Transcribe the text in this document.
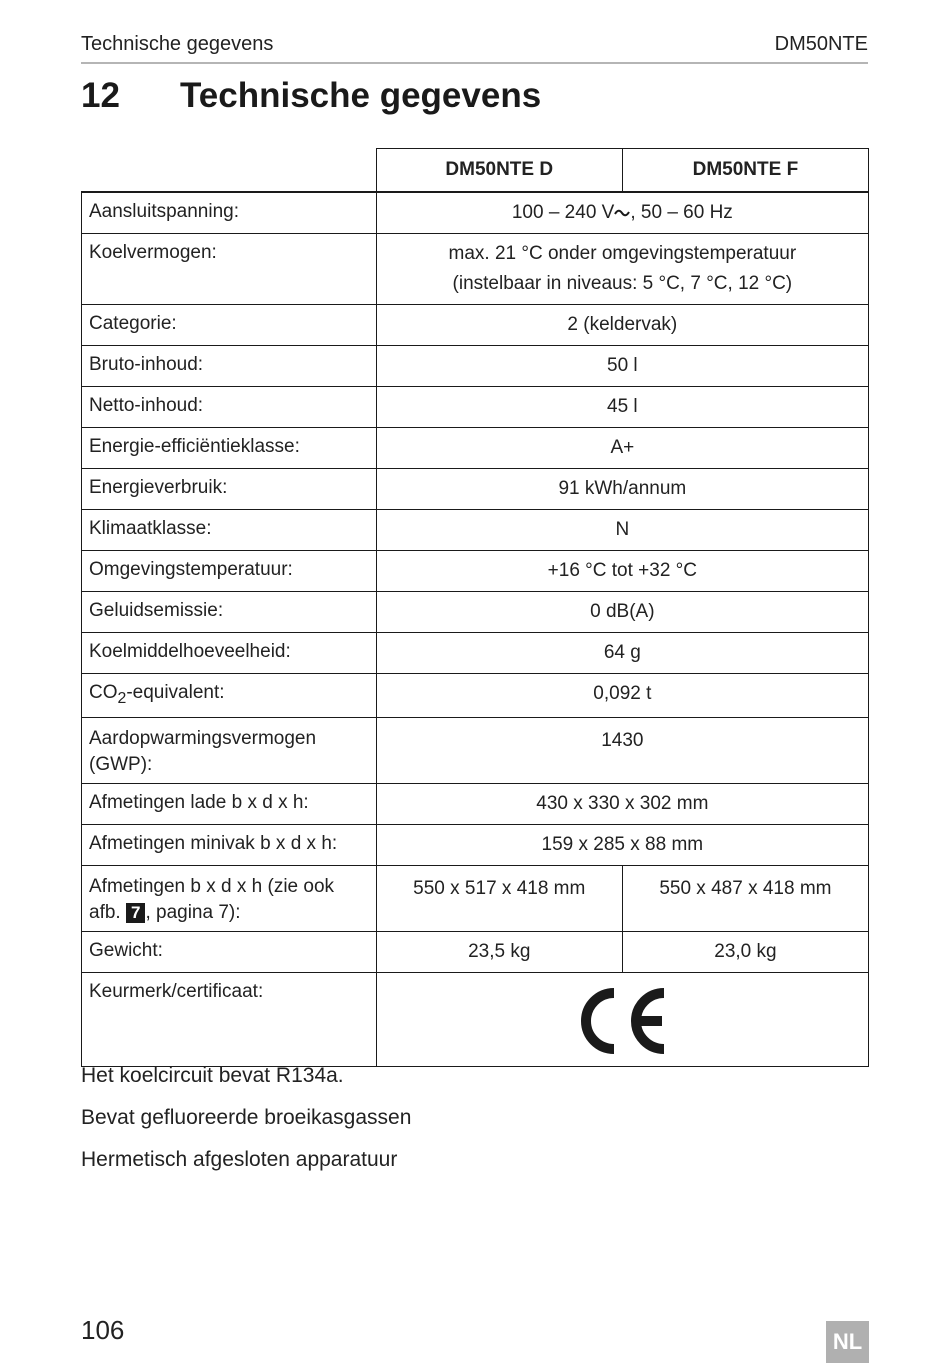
Technische gegevens	DM50NTE
12 Technische gegevens
	DM50NTE D	DM50NTE F
Aansluitspanning:	100 – 240 V , 50 – 60 Hz	
Koelvermogen:	max. 21 °C onder omgevingstemperatuur
(instelbaar in niveaus: 5 °C, 7 °C, 12 °C)	

Categorie:	2 (keldervak)	
Bruto-inhoud:	50 l	
Netto-inhoud:	45 l	
Energie-efficiëntieklasse:	A+	
Energieverbruik:	91 kWh/annum	
Klimaatklasse:	N	
Omgevingstemperatuur:	+16 °C tot +32 °C	
Geluidsemissie:	0 dB(A)	
Koelmiddelhoeveelheid:	64 g	
$CO_2$-equivalent:	0,092 t	
Aardopwarmingsvermogen (GWP):	1430	
Afmetingen lade b x d x h:	430 x 330 x 302 mm	
Afmetingen minivak b x d x h:	159 x 285 x 88 mm	

Afmetingen b x d x h (zie ook
afb. 7 , pagina 7):	550 x 517 x 418 mm	550 x 487 x 418 mm
Gewicht:	23,5 kg	23,0 kg
Keurmerk/certificaat:	

Het koelcircuit bevat R134a.

Bevat gefluoreerde broeikasgassen

Hermetisch afgesloten apparatuur

106	NL
